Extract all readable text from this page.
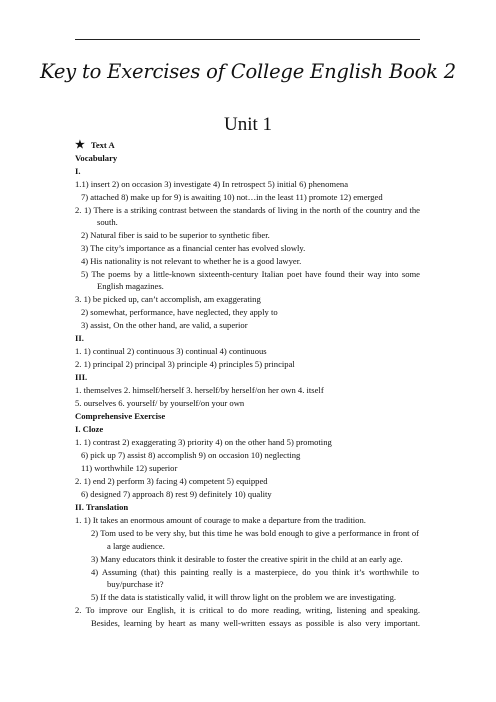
Key to Exercises of College English Book 2
Unit 1
★ Text A
Vocabulary
I.
1.1) insert 2) on occasion 3) investigate 4) In retrospect 5) initial 6) phenomena
7) attached 8) make up for 9) is awaiting 10) not…in the least 11) promote 12) emerged
2. 1) There is a striking contrast between the standards of living in the north of the country and the
south.
2) Natural fiber is said to be superior to synthetic fiber.
3) The city’s importance as a financial center has evolved slowly.
4) His nationality is not relevant to whether he is a good lawyer.
5) The poems by a little-known sixteenth-century Italian poet have found their way into some
English magazines.
3. 1) be picked up, can’t accomplish, am exaggerating
2) somewhat, performance, have neglected, they apply to
3) assist, On the other hand, are valid, a superior
II.
1. 1) continual 2) continuous 3) continual 4) continuous
2. 1) principal 2) principal 3) principle 4) principles 5) principal
III.
1. themselves 2. himself/herself 3. herself/by herself/on her own 4. itself
5. ourselves 6. yourself/ by yourself/on your own
Comprehensive Exercise
I. Cloze
1. 1) contrast 2) exaggerating 3) priority 4) on the other hand 5) promoting
6) pick up 7) assist 8) accomplish 9) on occasion 10) neglecting
11) worthwhile 12) superior
2. 1) end 2) perform 3) facing 4) competent 5) equipped
6) designed 7) approach 8) rest 9) definitely 10) quality
II. Translation
1. 1) It takes an enormous amount of courage to make a departure from the tradition.
2) Tom used to be very shy, but this time he was bold enough to give a performance in front of
a large audience.
3) Many educators think it desirable to foster the creative spirit in the child at an early age.
4) Assuming (that) this painting really is a masterpiece, do you think it’s worthwhile to
buy/purchase it?
5) If the data is statistically valid, it will throw light on the problem we are investigating.
2. To improve our English, it is critical to do more reading, writing, listening and speaking.
Besides, learning by heart as many well-written essays as possible is also very important.
